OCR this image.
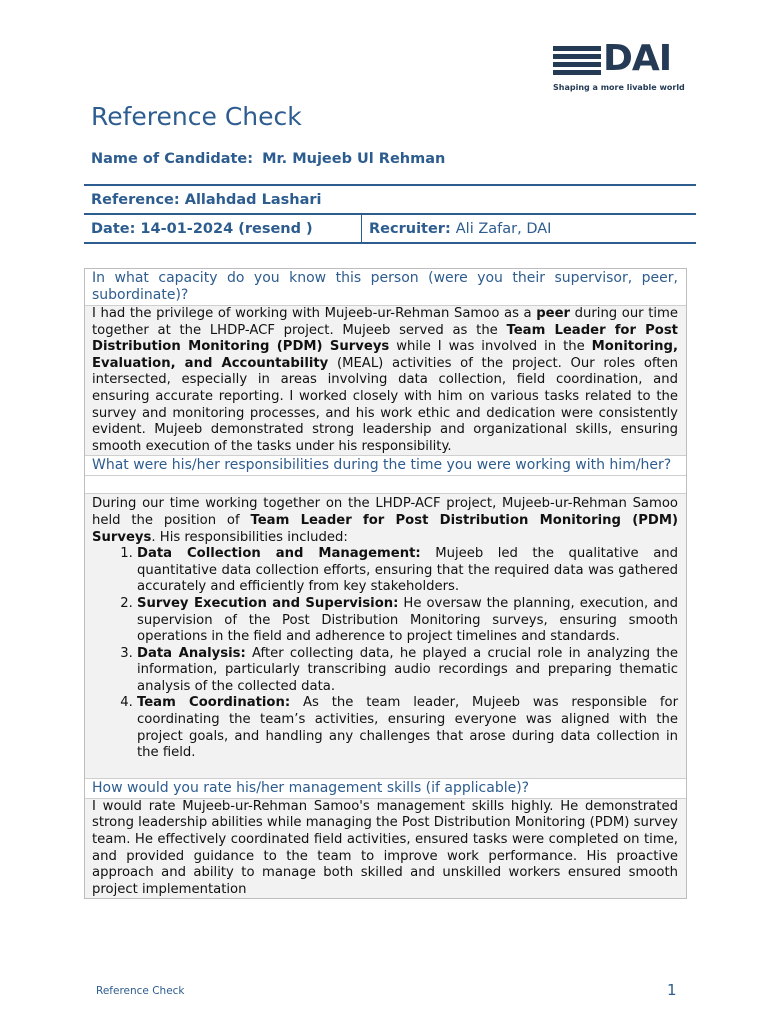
DAI
Shaping a more livable world
Reference Check
Name of Candidate: Mr. Mujeeb Ul Rehman
Reference: Allahdad Lashari
Date: 14-01-2024 (resend )	Recruiter: Ali Zafar, DAI
In what capacity do you know this person (were you their supervisor, peer, subordinate)?
I had the privilege of working with Mujeeb-ur-Rehman Samoo as a peer during our time together at the LHDP-ACF project. Mujeeb served as the Team Leader for Post Distribution Monitoring (PDM) Surveys while I was involved in the Monitoring, Evaluation, and Accountability (MEAL) activities of the project. Our roles often intersected, especially in areas involving data collection, field coordination, and ensuring accurate reporting. I worked closely with him on various tasks related to the survey and monitoring processes, and his work ethic and dedication were consistently evident. Mujeeb demonstrated strong leadership and organizational skills, ensuring smooth execution of the tasks under his responsibility.
What were his/her responsibilities during the time you were working with him/her?
During our time working together on the LHDP-ACF project, Mujeeb-ur-Rehman Samoo held the position of Team Leader for Post Distribution Monitoring (PDM) Surveys. His responsibilities included:
1. Data Collection and Management: Mujeeb led the qualitative and quantitative data collection efforts, ensuring that the required data was gathered accurately and efficiently from key stakeholders.
2. Survey Execution and Supervision: He oversaw the planning, execution, and supervision of the Post Distribution Monitoring surveys, ensuring smooth operations in the field and adherence to project timelines and standards.
3. Data Analysis: After collecting data, he played a crucial role in analyzing the information, particularly transcribing audio recordings and preparing thematic analysis of the collected data.
4. Team Coordination: As the team leader, Mujeeb was responsible for coordinating the team’s activities, ensuring everyone was aligned with the project goals, and handling any challenges that arose during data collection in the field.
How would you rate his/her management skills (if applicable)?
I would rate Mujeeb-ur-Rehman Samoo's management skills highly. He demonstrated strong leadership abilities while managing the Post Distribution Monitoring (PDM) survey team. He effectively coordinated field activities, ensured tasks were completed on time, and provided guidance to the team to improve work performance. His proactive approach and ability to manage both skilled and unskilled workers ensured smooth project implementation
Reference Check	1
